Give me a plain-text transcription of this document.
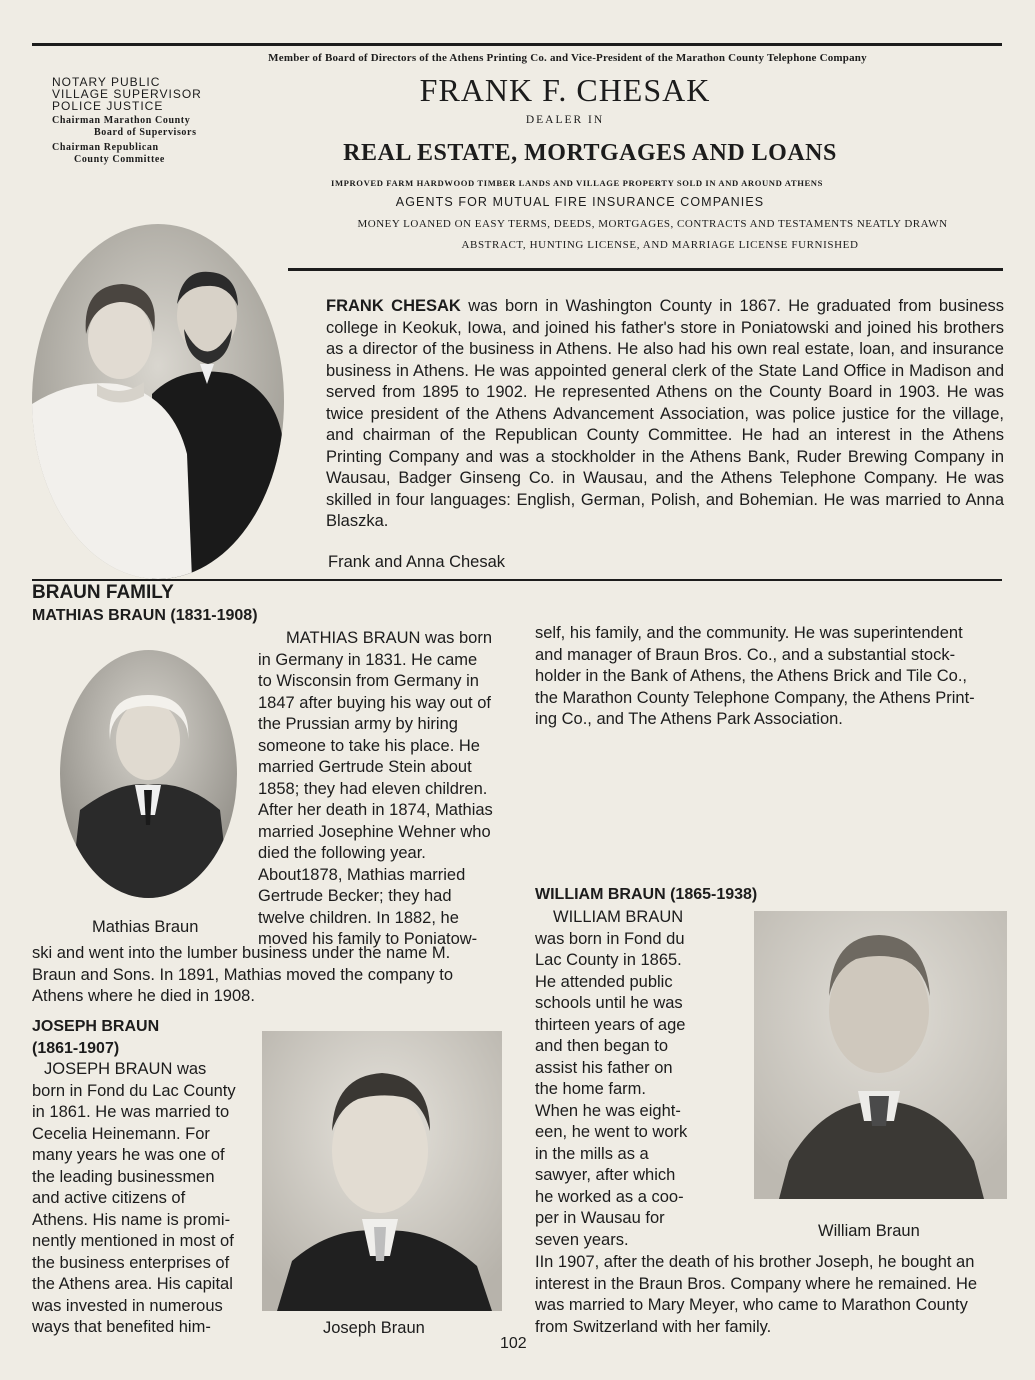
Member of Board of Directors of the Athens Printing Co. and Vice-President of the Marathon County Telephone Company
NOTARY PUBLIC
VILLAGE SUPERVISOR
POLICE JUSTICE
Chairman Marathon County
Board of Supervisors
Chairman Republican
County Committee
FRANK F. CHESAK
DEALER IN
REAL ESTATE, MORTGAGES AND LOANS
IMPROVED FARM HARDWOOD TIMBER LANDS AND VILLAGE PROPERTY SOLD IN AND AROUND ATHENS
AGENTS FOR MUTUAL FIRE INSURANCE COMPANIES
MONEY LOANED ON EASY TERMS, DEEDS, MORTGAGES, CONTRACTS AND TESTAMENTS NEATLY DRAWN
ABSTRACT, HUNTING LICENSE, AND MARRIAGE LICENSE FURNISHED
FRANK CHESAK was born in Washington County in 1867. He graduated from business college in Keokuk, Iowa, and joined his father's store in Poniatowski and joined his brothers as a director of the business in Athens. He also had his own real estate, loan, and insurance business in Athens. He was appointed general clerk of the State Land Office in Madison and served from 1895 to 1902. He represented Athens on the County Board in 1903. He was twice president of the Athens Advancement Association, was police justice for the village, and chairman of the Republican County Committee. He had an interest in the Athens Printing Company and was a stockholder in the Athens Bank, Ruder Brewing Company in Wausau, Badger Ginseng Co. in Wausau, and the Athens Telephone Company. He was skilled in four languages: English, German, Polish, and Bohemian. He was married to Anna Blaszka.
Frank and Anna Chesak
BRAUN FAMILY
MATHIAS BRAUN (1831-1908)
Mathias Braun
MATHIAS BRAUN was born
in Germany in 1831. He came
to Wisconsin from Germany in
1847 after buying his way out of
the Prussian army by hiring
someone to take his place. He
married Gertrude Stein about
1858; they had eleven children.
After her death in 1874, Mathias
married Josephine Wehner who
died the following year.
About1878, Mathias married
Gertrude Becker; they had
twelve children. In 1882, he
moved his family to Poniatow-
ski and went into the lumber business under the name M.
Braun and Sons. In 1891, Mathias moved the company to
Athens where he died in 1908.
JOSEPH BRAUN
(1861-1907)
JOSEPH BRAUN was
born in Fond du Lac County
in 1861. He was married to
Cecelia Heinemann. For
many years he was one of
the leading businessmen
and active citizens of
Athens. His name is promi-
nently mentioned in most of
the business enterprises of
the Athens area. His capital
was invested in numerous
ways that benefited him-	Joseph Braun
self, his family, and the community. He was superintendent
and manager of Braun Bros. Co., and a substantial stock-
holder in the Bank of Athens, the Athens Brick and Tile Co.,
the Marathon County Telephone Company, the Athens Print-
ing Co., and The Athens Park Association.
WILLIAM BRAUN (1865-1938)
WILLIAM BRAUN
was born in Fond du
Lac County in 1865.
He attended public
schools until he was
thirteen years of age
and then began to
assist his father on
the home farm.
When he was eight-
een, he went to work
in the mills as a
sawyer, after which
he worked as a coo-
per in Wausau for
seven years.
IIn 1907, after the death of his brother Joseph, he bought an
interest in the Braun Bros. Company where he remained. He
was married to Mary Meyer, who came to Marathon County
from Switzerland with her family.
William Braun
102
